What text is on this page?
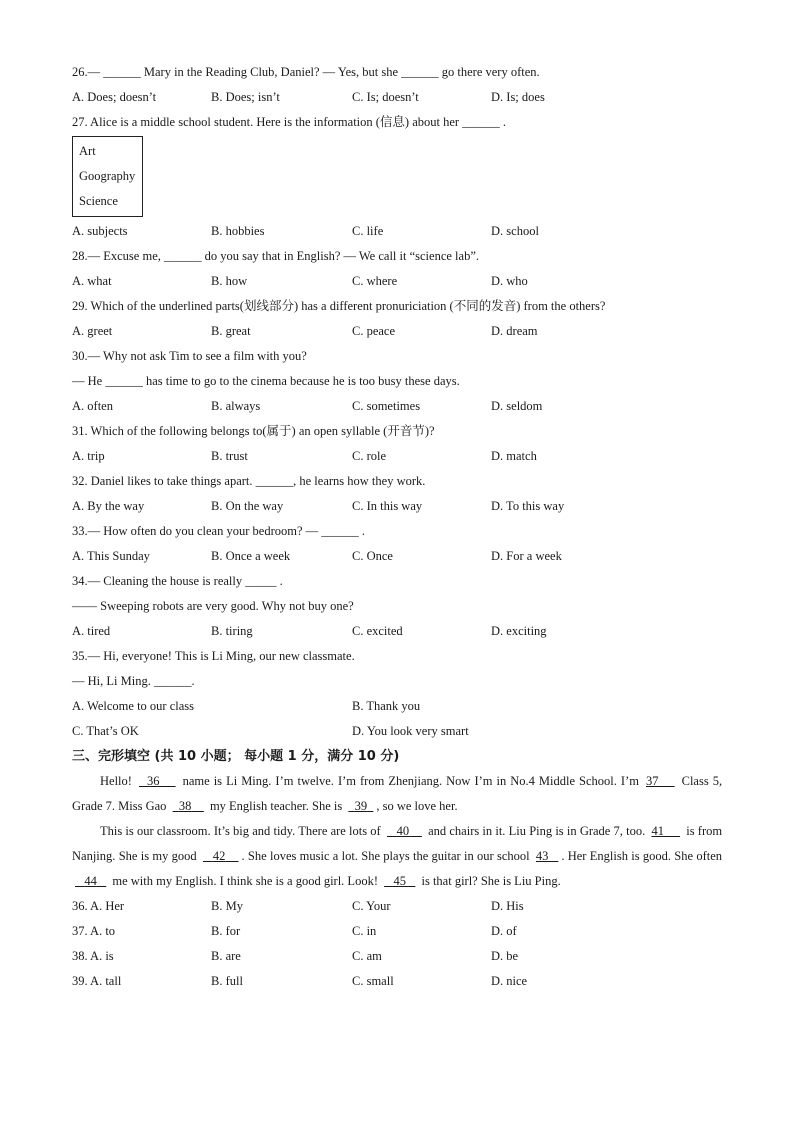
26.— ______ Mary in the Reading Club, Daniel? — Yes, but she ______ go there very often.
A. Does; doesn’t	B. Does; isn’t	C. Is; doesn’t	D. Is; does
27. Alice is a middle school student. Here is the information (信息) about her ______ .
Art
Goography
Science
A. subjects	B. hobbies	C. life	D. school
28.— Excuse me, ______ do you say that in English? — We call it “science lab”.
A. what	B. how	C. where	D. who
29. Which of the underlined parts(划线部分) has a different pronuriciation (不同的发音) from the others?
A. greet	B. great	C. peace	D. dream
30.— Why not ask Tim to see a film with you?
— He ______ has time to go to the cinema because he is too busy these days.
A. often	B. always	C. sometimes	D. seldom
31. Which of the following belongs to(属于) an open syllable (开音节)?
A. trip	B. trust	C. role	D. match
32. Daniel likes to take things apart. ______, he learns how they work.
A. By the way	B. On the way	C. In this way	D. To this way
33.— How often do you clean your bedroom? — ______ .
A. This Sunday	B. Once a week	C. Once	D. For a week
34.— Cleaning the house is really _____ .
—— Sweeping robots are very good. Why not buy one?
A. tired	B. tiring	C. excited	D. exciting
35.— Hi, everyone! This is Li Ming, our new classmate.
— Hi, Li Ming. ______.
A. Welcome to our class	B. Thank you
C. That’s OK	D. You look very smart
三、完形填空 (共 10 小题； 每小题 1 分，满分 10 分)
Hello! 36 name is Li Ming. I’m twelve. I’m from Zhenjiang. Now I’m in No.4 Middle School. I’m 37 Class 5, Grade 7. Miss Gao 38 my English teacher. She is 39 , so we love her.
This is our classroom. It’s big and tidy. There are lots of 40 and chairs in it. Liu Ping is in Grade 7, too. 41 is from Nanjing. She is my good 42 . She loves music a lot. She plays the guitar in our school 43 . Her English is good. She often    44 me with my English. I think she is a good girl. Look! 45 is that girl? She is Liu Ping.
36. A. Her	B. My	C. Your	D. His
37. A. to	B. for	C. in	D. of
38. A. is	B. are	C. am	D. be
39. A. tall	B. full	C. small	D. nice
